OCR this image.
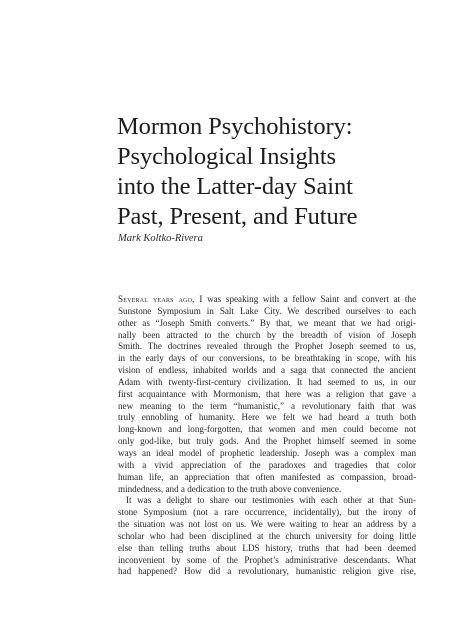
Mormon Psychohistory:
Psychological Insights
into the Latter-day Saint
Past, Present, and Future
Mark Koltko-Rivera
Several years ago, I was speaking with a fellow Saint and convert at the
Sunstone Symposium in Salt Lake City. We described ourselves to each
other as “Joseph Smith converts.” By that, we meant that we had origi-
nally been attracted to the church by the breadth of vision of Joseph
Smith. The doctrines revealed through the Prophet Joseph seemed to us,
in the early days of our conversions, to be breathtaking in scope, with his
vision of endless, inhabited worlds and a saga that connected the ancient
Adam with twenty-first-century civilization. It had seemed to us, in our
first acquaintance with Mormonism, that here was a religion that gave a
new meaning to the term “humanistic,” a revolutionary faith that was
truly ennobling of humanity. Here we felt we had heard a truth both
long-known and long-forgotten, that women and men could become not
only god-like, but truly gods. And the Prophet himself seemed in some
ways an ideal model of prophetic leadership. Joseph was a complex man
with a vivid appreciation of the paradoxes and tragedies that color
human life, an appreciation that often manifested as compassion, broad-
mindedness, and a dedication to the truth above convenience.
It was a delight to share our testimonies with each other at that Sun-
stone Symposium (not a rare occurrence, incidentally), but the irony of
the situation was not lost on us. We were waiting to hear an address by a
scholar who had been disciplined at the church university for doing little
else than telling truths about LDS history, truths that had been deemed
inconvenient by some of the Prophet’s administrative descendants. What
had happened? How did a revolutionary, humanistic religion give rise,
